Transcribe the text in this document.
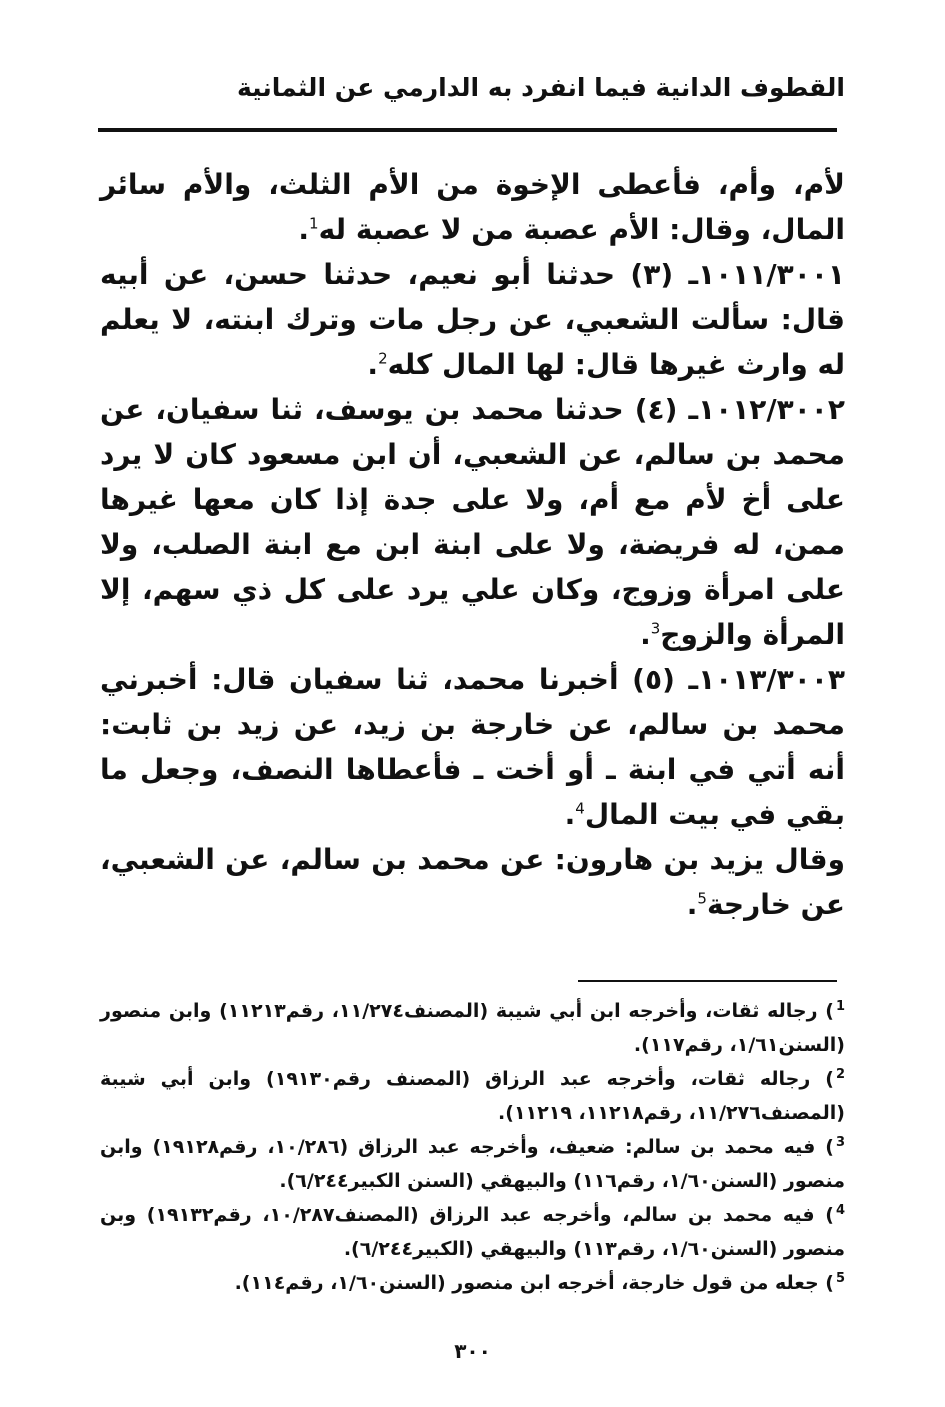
القطوف الدانية فيما انفرد به الدارمي عن الثمانية

لأم، وأم، فأعطى الإخوة من الأم الثلث، والأم سائر المال، وقال: الأم عصبة من لا عصبة له$^1$.

١٠١١/٣٠٠١ـ (٣) حدثنا أبو نعيم، حدثنا حسن، عن أبيه قال: سألت الشعبي، عن رجل مات وترك ابنته، لا يعلم له وارث غيرها قال: لها المال كله$^2$.

١٠١٢/٣٠٠٢ـ (٤) حدثنا محمد بن يوسف، ثنا سفيان، عن محمد بن سالم، عن الشعبي، أن ابن مسعود كان لا يرد على أخ لأم مع أم، ولا على جدة إذا كان معها غيرها ممن، له فريضة، ولا على ابنة ابن مع ابنة الصلب، ولا على امرأة وزوج، وكان علي يرد على كل ذي سهم، إلا المرأة والزوج$^3$.

١٠١٣/٣٠٠٣ـ (٥) أخبرنا محمد، ثنا سفيان قال: أخبرني محمد بن سالم، عن خارجة بن زيد، عن زيد بن ثابت: أنه أتي في ابنة ـ أو أخت ـ فأعطاها النصف، وجعل ما بقي في بيت المال$^4$.

وقال يزيد بن هارون: عن محمد بن سالم، عن الشعبي، عن خارجة$^5$.

$^1$) رجاله ثقات، وأخرجه ابن أبي شيبة (المصنف١١/٢٧٤، رقم١١٢١٣) وابن منصور (السنن١/٦١، رقم١١٧).

$^2$) رجاله ثقات، وأخرجه عبد الرزاق (المصنف رقم١٩١٣٠) وابن أبي شيبة (المصنف١١/٢٧٦، رقم١١٢١٨، ١١٢١٩).

$^3$) فيه محمد بن سالم: ضعيف، وأخرجه عبد الرزاق (١٠/٢٨٦، رقم١٩١٢٨) وابن منصور (السنن١/٦٠، رقم١١٦) والبيهقي (السنن الكبير٦/٢٤٤).

$^4$) فيه محمد بن سالم، وأخرجه عبد الرزاق (المصنف١٠/٢٨٧، رقم١٩١٣٢) وبن منصور (السنن١/٦٠، رقم١١٣) والبيهقي (الكبير٦/٢٤٤).

$^5$) جعله من قول خارجة، أخرجه ابن منصور (السنن١/٦٠، رقم١١٤).

٣٠٠
